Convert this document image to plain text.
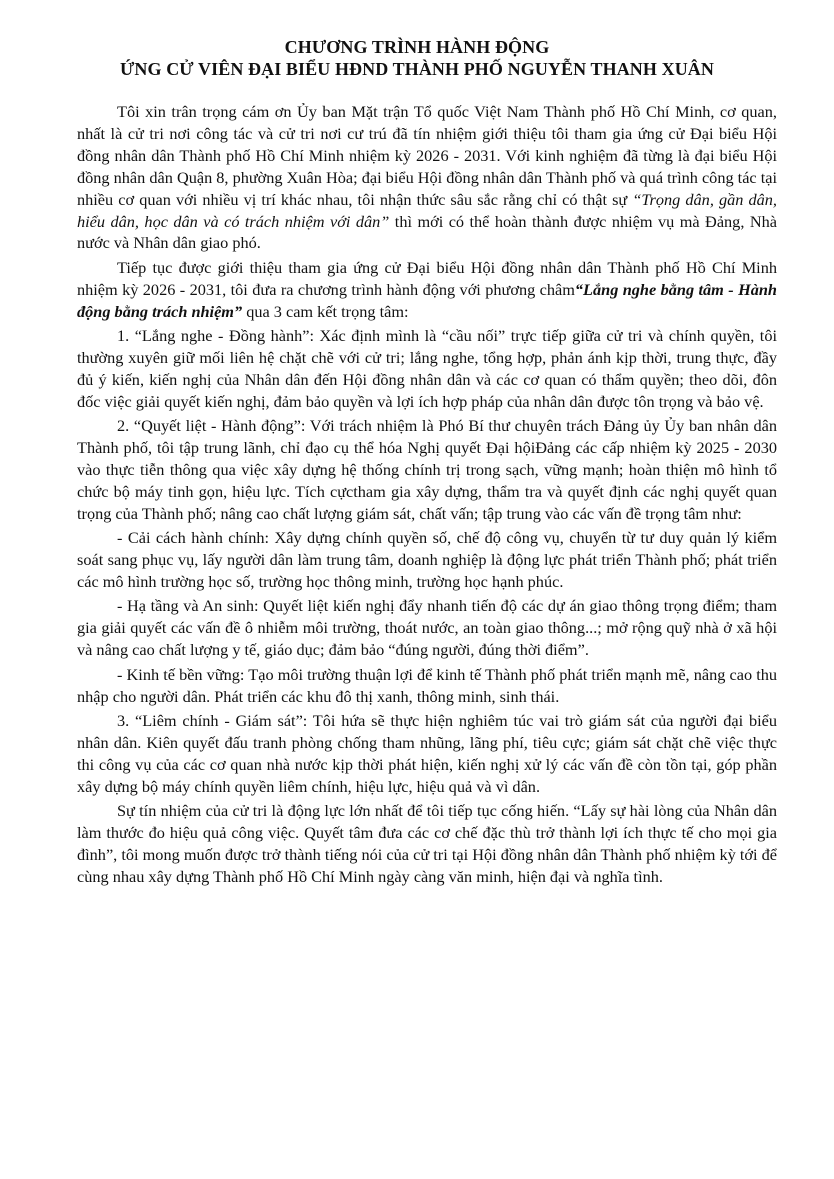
CHƯƠNG TRÌNH HÀNH ĐỘNG
ỨNG CỬ VIÊN ĐẠI BIỂU HĐND THÀNH PHỐ NGUYỄN THANH XUÂN

Tôi xin trân trọng cám ơn Ủy ban Mặt trận Tổ quốc Việt Nam Thành phố Hồ Chí Minh, cơ quan, nhất là cử tri nơi công tác và cử tri nơi cư trú đã tín nhiệm giới thiệu tôi tham gia ứng cử Đại biểu Hội đồng nhân dân Thành phố Hồ Chí Minh nhiệm kỳ 2026 - 2031. Với kinh nghiệm đã từng là đại biểu Hội đồng nhân dân Quận 8, phường Xuân Hòa; đại biểu Hội đồng nhân dân Thành phố và quá trình công tác tại nhiều cơ quan với nhiều vị trí khác nhau, tôi nhận thức sâu sắc rằng chỉ có thật sự “Trọng dân, gần dân, hiểu dân, học dân và có trách nhiệm với dân” thì mới có thể hoàn thành được nhiệm vụ mà Đảng, Nhà nước và Nhân dân giao phó.

Tiếp tục được giới thiệu tham gia ứng cử Đại biểu Hội đồng nhân dân Thành phố Hồ Chí Minh nhiệm kỳ 2026 - 2031, tôi đưa ra chương trình hành động với phương châm“Lắng nghe bằng tâm - Hành động bằng trách nhiệm” qua 3 cam kết trọng tâm:

1. “Lắng nghe - Đồng hành”: Xác định mình là “cầu nối” trực tiếp giữa cử tri và chính quyền, tôi thường xuyên giữ mối liên hệ chặt chẽ với cử tri; lắng nghe, tổng hợp, phản ánh kịp thời, trung thực, đầy đủ ý kiến, kiến nghị của Nhân dân đến Hội đồng nhân dân và các cơ quan có thẩm quyền; theo dõi, đôn đốc việc giải quyết kiến nghị, đảm bảo quyền và lợi ích hợp pháp của nhân dân được tôn trọng và bảo vệ.

2. “Quyết liệt - Hành động”: Với trách nhiệm là Phó Bí thư chuyên trách Đảng ủy Ủy ban nhân dân Thành phố, tôi tập trung lãnh, chỉ đạo cụ thể hóa Nghị quyết Đại hộiĐảng các cấp nhiệm kỳ 2025 - 2030 vào thực tiễn thông qua việc xây dựng hệ thống chính trị trong sạch, vững mạnh; hoàn thiện mô hình tổ chức bộ máy tinh gọn, hiệu lực. Tích cựctham gia xây dựng, thẩm tra và quyết định các nghị quyết quan trọng của Thành phố; nâng cao chất lượng giám sát, chất vấn; tập trung vào các vấn đề trọng tâm như:

- Cải cách hành chính: Xây dựng chính quyền số, chế độ công vụ, chuyển từ tư duy quản lý kiểm soát sang phục vụ, lấy người dân làm trung tâm, doanh nghiệp là động lực phát triển Thành phố; phát triển các mô hình trường học số, trường học thông minh, trường học hạnh phúc.

- Hạ tầng và An sinh: Quyết liệt kiến nghị đẩy nhanh tiến độ các dự án giao thông trọng điểm; tham gia giải quyết các vấn đề ô nhiễm môi trường, thoát nước, an toàn giao thông...; mở rộng quỹ nhà ở xã hội và nâng cao chất lượng y tế, giáo dục; đảm bảo “đúng người, đúng thời điểm”.

- Kinh tế bền vững: Tạo môi trường thuận lợi để kinh tế Thành phố phát triển mạnh mẽ, nâng cao thu nhập cho người dân. Phát triển các khu đô thị xanh, thông minh, sinh thái.

3. “Liêm chính - Giám sát”: Tôi hứa sẽ thực hiện nghiêm túc vai trò giám sát của người đại biểu nhân dân. Kiên quyết đấu tranh phòng chống tham nhũng, lãng phí, tiêu cực; giám sát chặt chẽ việc thực thi công vụ của các cơ quan nhà nước kịp thời phát hiện, kiến nghị xử lý các vấn đề còn tồn tại, góp phần xây dựng bộ máy chính quyền liêm chính, hiệu lực, hiệu quả và vì dân.

Sự tín nhiệm của cử tri là động lực lớn nhất để tôi tiếp tục cống hiến. “Lấy sự hài lòng của Nhân dân làm thước đo hiệu quả công việc. Quyết tâm đưa các cơ chế đặc thù trở thành lợi ích thực tế cho mọi gia đình”, tôi mong muốn được trở thành tiếng nói của cử tri tại Hội đồng nhân dân Thành phố nhiệm kỳ tới để cùng nhau xây dựng Thành phố Hồ Chí Minh ngày càng văn minh, hiện đại và nghĩa tình.
